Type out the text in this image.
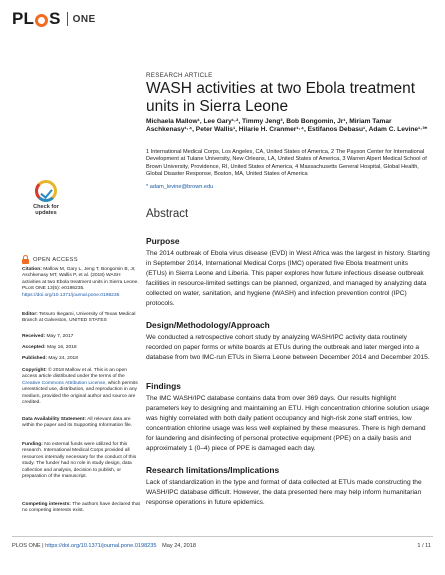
PL S ONE
RESEARCH ARTICLE
WASH activities at two Ebola treatment units in Sierra Leone
Michaela Mallow¹, Lee Gary¹·², Timmy Jeng³, Bob Bongomin, Jr¹, Miriam Tamar Aschkenasy¹·⁴, Peter Wallis¹, Hilarie H. Cranmer¹·⁴, Estifanos Debasu¹, Adam C. Levine¹·³*
1 International Medical Corps, Los Angeles, CA, United States of America, 2 The Payson Center for International Development at Tulane University, New Orleans, LA, United States of America, 3 Warren Alpert Medical School of Brown University, Providence, RI, United States of America, 4 Massachusetts General Hospital, Global Health, Global Disaster Response, Boston, MA, United States of America
* adam_levine@brown.edu
Abstract
Purpose
The 2014 outbreak of Ebola virus disease (EVD) in West Africa was the largest in history. Starting in September 2014, International Medical Corps (IMC) operated five Ebola treatment units (ETUs) in Sierra Leone and Liberia. This paper explores how future infectious disease outbreak facilities in resource-limited settings can be planned, organized, and managed by analyzing data collected on water, sanitation, and hygiene (WASH) and infection prevention control (IPC) protocols.
Design/Methodology/Approach
We conducted a retrospective cohort study by analyzing WASH/IPC activity data routinely recorded on paper forms or white boards at ETUs during the outbreak and later merged into a database from two IMC-run ETUs in Sierra Leone between December 2014 and December 2015.
Findings
The IMC WASH/IPC database contains data from over 369 days. Our results highlight parameters key to designing and maintaining an ETU. High concentration chlorine solution usage was highly correlated with both daily patient occupancy and high-risk zone staff entries, low concentration chlorine usage was less well explained by these measures. There is high demand for laundering and disinfecting of personal protective equipment (PPE) on a daily basis and approximately 1 (0–4) piece of PPE is damaged each day.
Research limitations/Implications
Lack of standardization in the type and format of data collected at ETUs made constructing the WASH/IPC database difficult. However, the data presented here may help inform humanitarian response operations in future epidemics.
Check for updates
OPEN ACCESS
Citation: Mallow M, Gary L, Jeng T, Bongomin B, Jr, Aschkenasy MT, Wallis P, et al. (2018) WASH activities at two Ebola treatment units in Sierra Leone. PLoS ONE 13(5): e0198235. https://doi.org/10.1371/journal.pone.0198235
Editor: Tetsuro Ikegami, University of Texas Medical Branch at Galveston, UNITED STATES
Received: May 7, 2017
Accepted: May 16, 2018
Published: May 24, 2018
Copyright: © 2018 Mallow et al. This is an open access article distributed under the terms of the Creative Commons Attribution License, which permits unrestricted use, distribution, and reproduction in any medium, provided the original author and source are credited.
Data Availability Statement: All relevant data are within the paper and its Supporting Information file.
Funding: No external funds were utilized for this research. International Medical Corps provided all resources internally necessary for the conduct of this study. The funder had no role in study design, data collection and analysis, decision to publish, or preparation of the manuscript.
Competing interests: The authors have declared that no competing interests exist.
PLOS ONE | https://doi.org/10.1371/journal.pone.0198235 May 24, 2018	1 / 11
